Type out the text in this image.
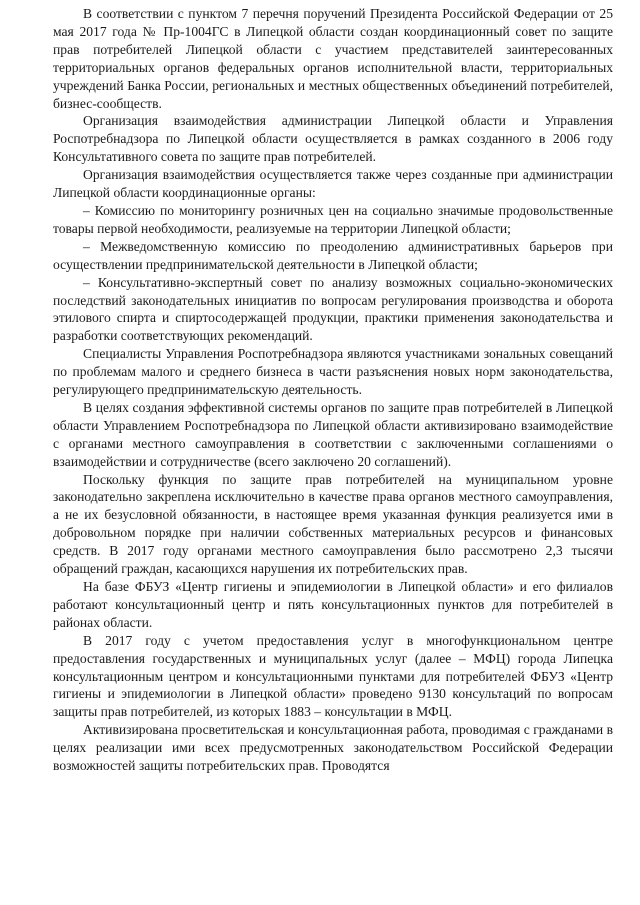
В соответствии с пунктом 7 перечня поручений Президента Российской Федерации от 25 мая 2017 года № Пр-1004ГС в Липецкой области создан координационный совет по защите прав потребителей Липецкой области с участием представителей заинтересованных территориальных органов федеральных органов исполнительной власти, территориальных учреждений Банка России, региональных и местных общественных объединений потребителей, бизнес-сообществ.

Организация взаимодействия администрации Липецкой области и Управления Роспотребнадзора по Липецкой области осуществляется в рамках созданного в 2006 году Консультативного совета по защите прав потребителей.

Организация взаимодействия осуществляется также через созданные при администрации Липецкой области координационные органы:

– Комиссию по мониторингу розничных цен на социально значимые продовольственные товары первой необходимости, реализуемые на территории Липецкой области;

– Межведомственную комиссию по преодолению административных барьеров при осуществлении предпринимательской деятельности в Липецкой области;

– Консультативно-экспертный совет по анализу возможных социально-экономических последствий законодательных инициатив по вопросам регулирования производства и оборота этилового спирта и спиртосодержащей продукции, практики применения законодательства и разработки соответствующих рекомендаций.

Специалисты Управления Роспотребнадзора являются участниками зональных совещаний по проблемам малого и среднего бизнеса в части разъяснения новых норм законодательства, регулирующего предпринимательскую деятельность.

В целях создания эффективной системы органов по защите прав потребителей в Липецкой области Управлением Роспотребнадзора по Липецкой области активизировано взаимодействие с органами местного самоуправления в соответствии с заключенными соглашениями о взаимодействии и сотрудничестве (всего заключено 20 соглашений).

Поскольку функция по защите прав потребителей на муниципальном уровне законодательно закреплена исключительно в качестве права органов местного самоуправления, а не их безусловной обязанности, в настоящее время указанная функция реализуется ими в добровольном порядке при наличии собственных материальных ресурсов и финансовых средств. В 2017 году органами местного самоуправления было рассмотрено 2,3 тысячи обращений граждан, касающихся нарушения их потребительских прав.

На базе ФБУЗ «Центр гигиены и эпидемиологии в Липецкой области» и его филиалов работают консультационный центр и пять консультационных пунктов для потребителей в районах области.

В 2017 году с учетом предоставления услуг в многофункциональном центре предоставления государственных и муниципальных услуг (далее – МФЦ) города Липецка консультационным центром и консультационными пунктами для потребителей ФБУЗ «Центр гигиены и эпидемиологии в Липецкой области» проведено 9130 консультаций по вопросам защиты прав потребителей, из которых 1883 – консультации в МФЦ.

Активизирована просветительская и консультационная работа, проводимая с гражданами в целях реализации ими всех предусмотренных законодательством Российской Федерации возможностей защиты потребительских прав. Проводятся
